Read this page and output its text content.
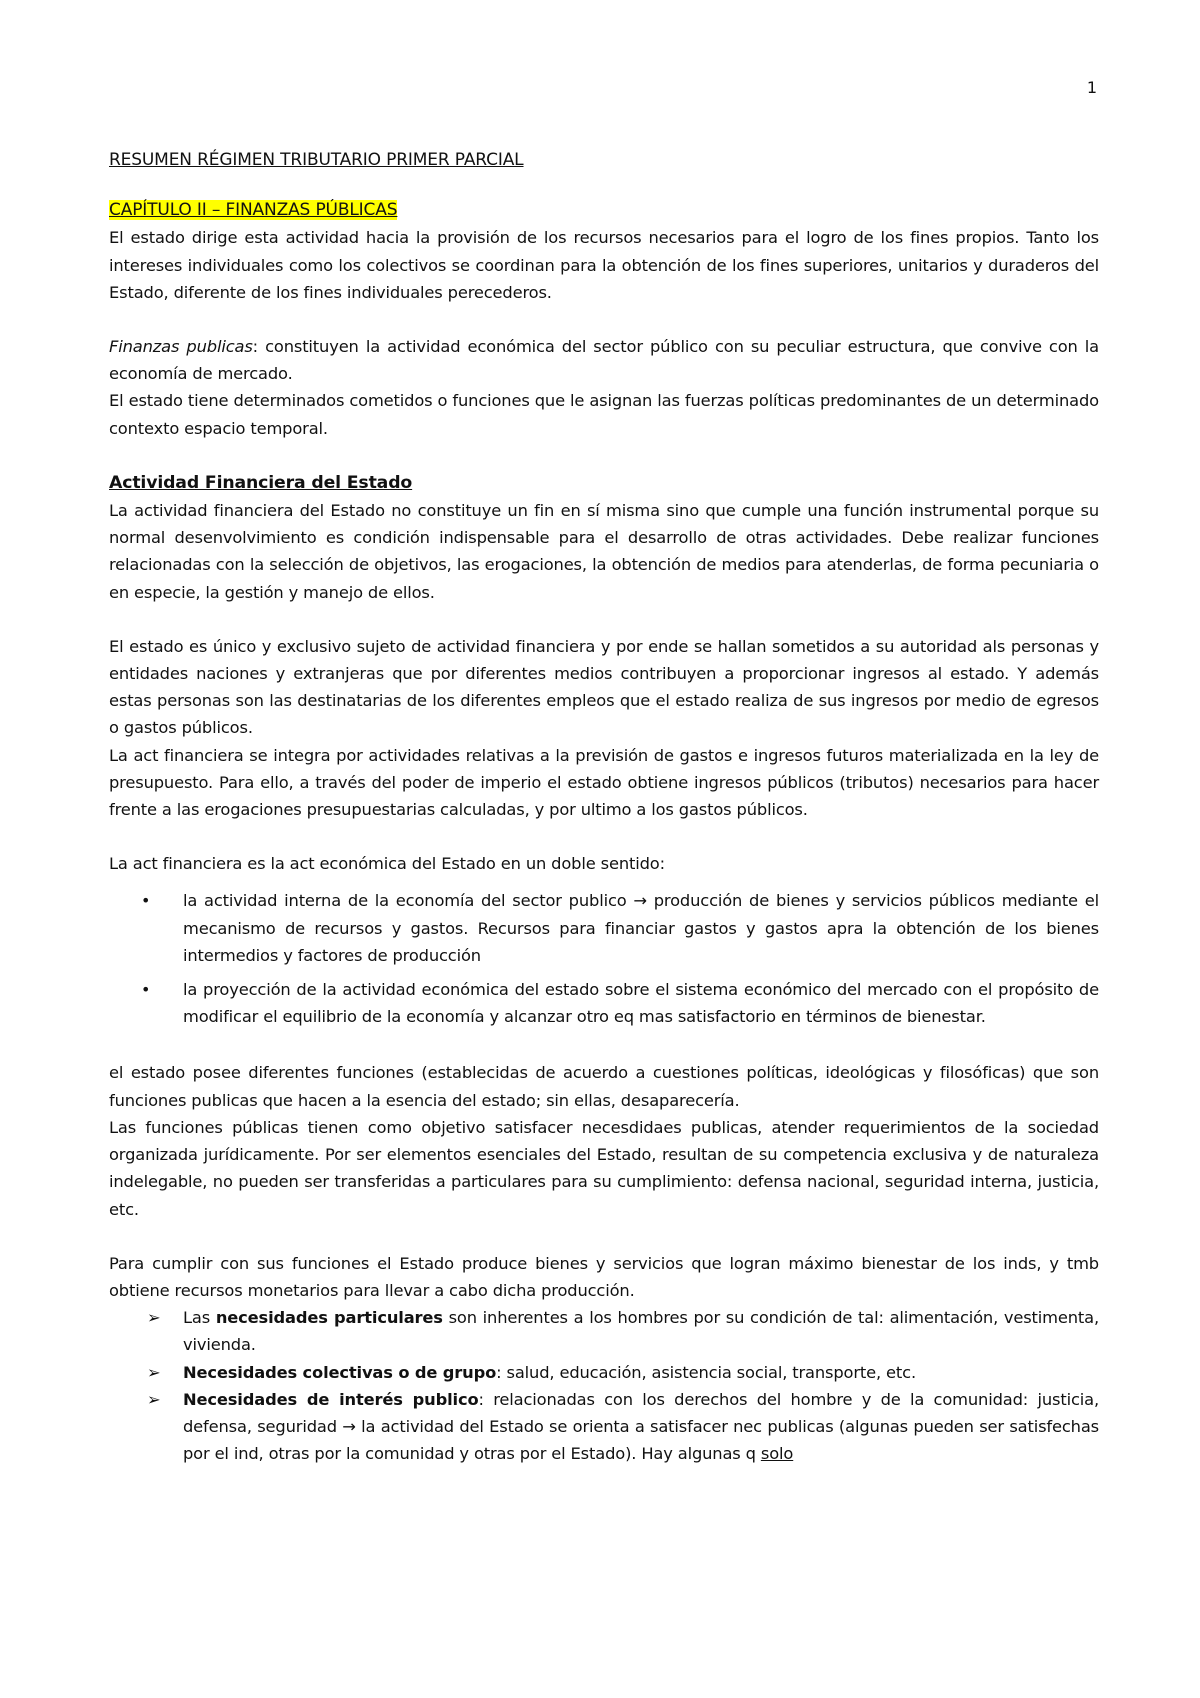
1

RESUMEN RÉGIMEN TRIBUTARIO PRIMER PARCIAL

CAPÍTULO II – FINANZAS PÚBLICAS

El estado dirige esta actividad hacia la provisión de los recursos necesarios para el logro de los fines propios. Tanto los intereses individuales como los colectivos se coordinan para la obtención de los fines superiores, unitarios y duraderos del Estado, diferente de los fines individuales perecederos.

Finanzas publicas: constituyen la actividad económica del sector público con su peculiar estructura, que convive con la economía de mercado.

El estado tiene determinados cometidos o funciones que le asignan las fuerzas políticas predominantes de un determinado contexto espacio temporal.

Actividad Financiera del Estado

La actividad financiera del Estado no constituye un fin en sí misma sino que cumple una función instrumental porque su normal desenvolvimiento es condición indispensable para el desarrollo de otras actividades. Debe realizar funciones relacionadas con la selección de objetivos, las erogaciones, la obtención de medios para atenderlas, de forma pecuniaria o en especie, la gestión y manejo de ellos.

El estado es único y exclusivo sujeto de actividad financiera y por ende se hallan sometidos a su autoridad als personas y entidades naciones y extranjeras que por diferentes medios contribuyen a proporcionar ingresos al estado. Y además estas personas son las destinatarias de los diferentes empleos que el estado realiza de sus ingresos por medio de egresos o gastos públicos.

La act financiera se integra por actividades relativas a la previsión de gastos e ingresos futuros materializada en la ley de presupuesto. Para ello, a través del poder de imperio el estado obtiene ingresos públicos (tributos) necesarios para hacer frente a las erogaciones presupuestarias calculadas, y por ultimo a los gastos públicos.

La act financiera es la act económica del Estado en un doble sentido:

• la actividad interna de la economía del sector publico → producción de bienes y servicios públicos mediante el mecanismo de recursos y gastos. Recursos para financiar gastos y gastos apra la obtención de los bienes intermedios y factores de producción
• la proyección de la actividad económica del estado sobre el sistema económico del mercado con el propósito de modificar el equilibrio de la economía y alcanzar otro eq mas satisfactorio en términos de bienestar.

el estado posee diferentes funciones (establecidas de acuerdo a cuestiones políticas, ideológicas y filosóficas) que son funciones publicas que hacen a la esencia del estado; sin ellas, desaparecería.

Las funciones públicas tienen como objetivo satisfacer necesdidaes publicas, atender requerimientos de la sociedad organizada jurídicamente. Por ser elementos esenciales del Estado, resultan de su competencia exclusiva y de naturaleza indelegable, no pueden ser transferidas a particulares para su cumplimiento: defensa nacional, seguridad interna, justicia, etc.

Para cumplir con sus funciones el Estado produce bienes y servicios que logran máximo bienestar de los inds, y tmb obtiene recursos monetarios para llevar a cabo dicha producción.

➢ Las necesidades particulares son inherentes a los hombres por su condición de tal: alimentación, vestimenta, vivienda.
➢ Necesidades colectivas o de grupo: salud, educación, asistencia social, transporte, etc.
➢ Necesidades de interés publico: relacionadas con los derechos del hombre y de la comunidad: justicia, defensa, seguridad → la actividad del Estado se orienta a satisfacer nec publicas (algunas pueden ser satisfechas por el ind, otras por la comunidad y otras por el Estado). Hay algunas q solo
